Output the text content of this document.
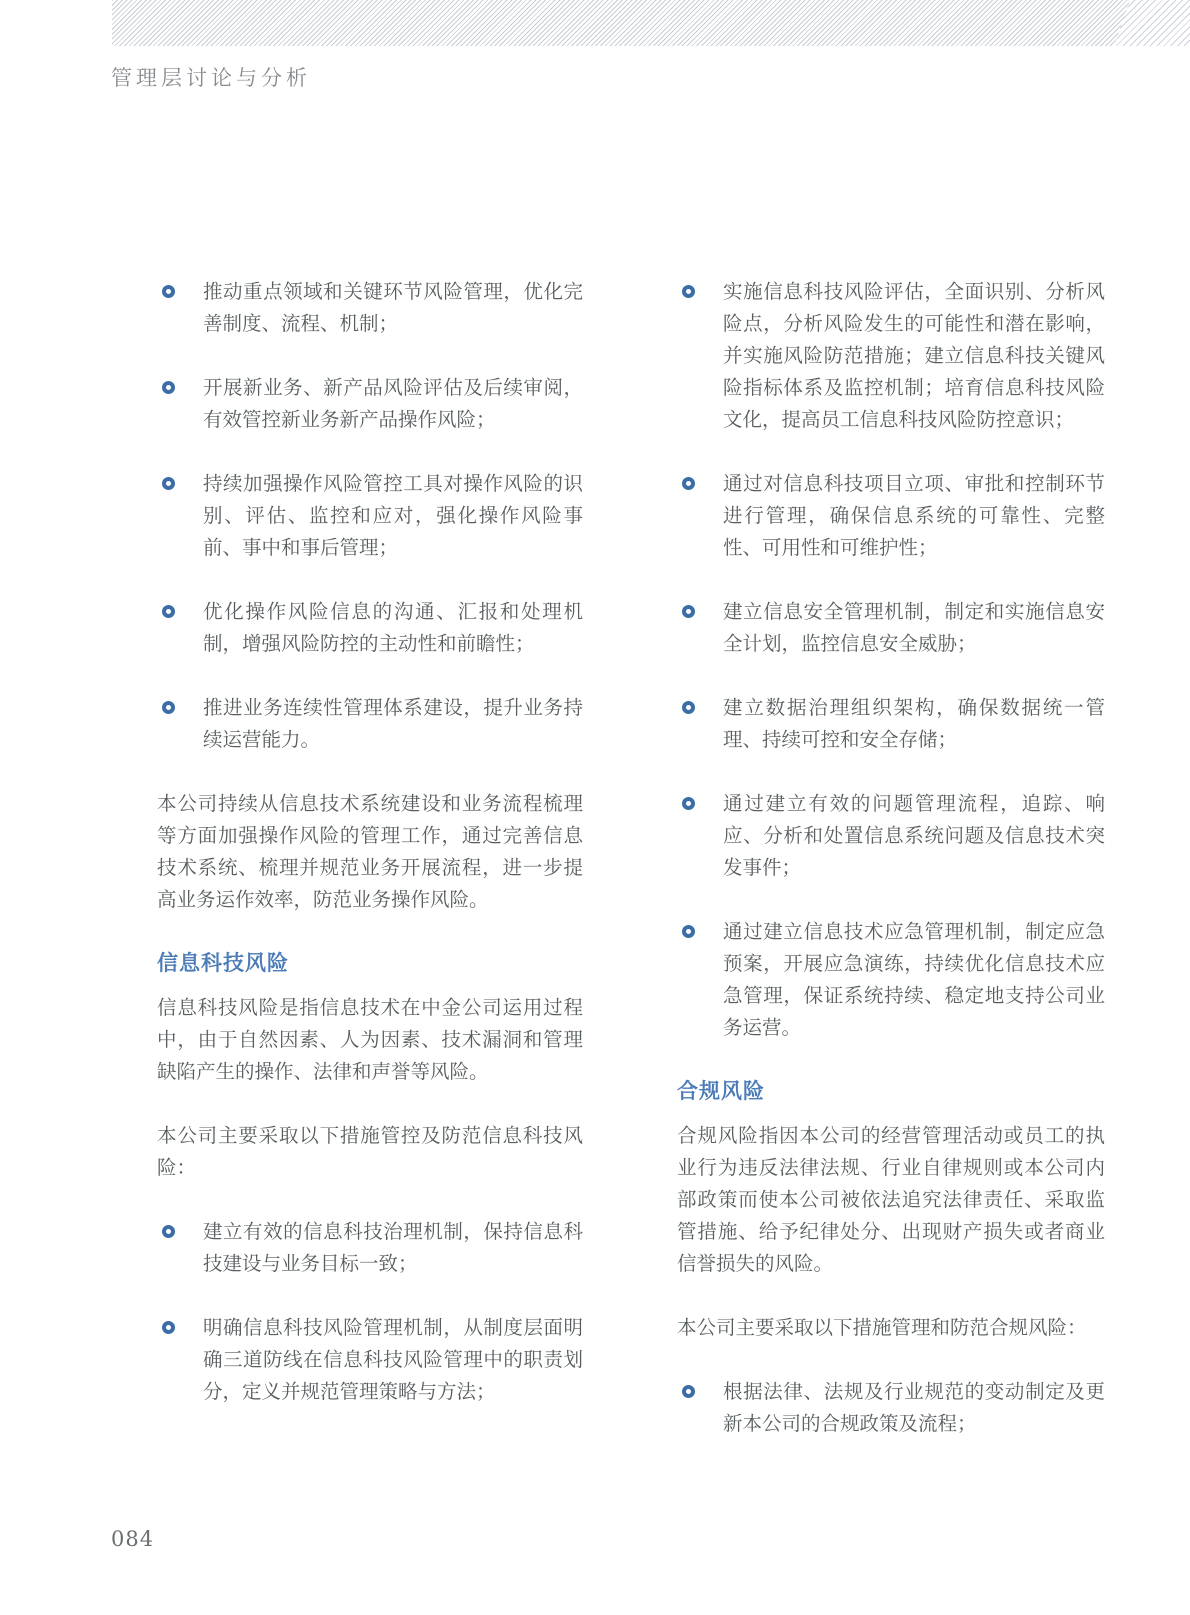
管理层讨论与分析
推动重点领域和关键环节风险管理，优化完善制度、流程、机制；
开展新业务、新产品风险评估及后续审阅，有效管控新业务新产品操作风险；
持续加强操作风险管控工具对操作风险的识别、评估、监控和应对，强化操作风险事前、事中和事后管理；
优化操作风险信息的沟通、汇报和处理机制，增强风险防控的主动性和前瞻性；
推进业务连续性管理体系建设，提升业务持续运营能力。

本公司持续从信息技术系统建设和业务流程梳理等方面加强操作风险的管理工作，通过完善信息技术系统、梳理并规范业务开展流程，进一步提高业务运作效率，防范业务操作风险。

信息科技风险

信息科技风险是指信息技术在中金公司运用过程中，由于自然因素、人为因素、技术漏洞和管理缺陷产生的操作、法律和声誉等风险。

本公司主要采取以下措施管控及防范信息科技风险：

建立有效的信息科技治理机制，保持信息科技建设与业务目标一致；
明确信息科技风险管理机制，从制度层面明确三道防线在信息科技风险管理中的职责划分，定义并规范管理策略与方法；
实施信息科技风险评估，全面识别、分析风险点，分析风险发生的可能性和潜在影响，并实施风险防范措施；建立信息科技关键风险指标体系及监控机制；培育信息科技风险文化，提高员工信息科技风险防控意识；
通过对信息科技项目立项、审批和控制环节进行管理，确保信息系统的可靠性、完整性、可用性和可维护性；
建立信息安全管理机制，制定和实施信息安全计划，监控信息安全威胁；
建立数据治理组织架构，确保数据统一管理、持续可控和安全存储；
通过建立有效的问题管理流程，追踪、响应、分析和处置信息系统问题及信息技术突发事件；
通过建立信息技术应急管理机制，制定应急预案，开展应急演练，持续优化信息技术应急管理，保证系统持续、稳定地支持公司业务运营。
合规风险

合规风险指因本公司的经营管理活动或员工的执业行为违反法律法规、行业自律规则或本公司内部政策而使本公司被依法追究法律责任、采取监管措施、给予纪律处分、出现财产损失或者商业信誉损失的风险。

本公司主要采取以下措施管理和防范合规风险：

根据法律、法规及行业规范的变动制定及更新本公司的合规政策及流程；
084
